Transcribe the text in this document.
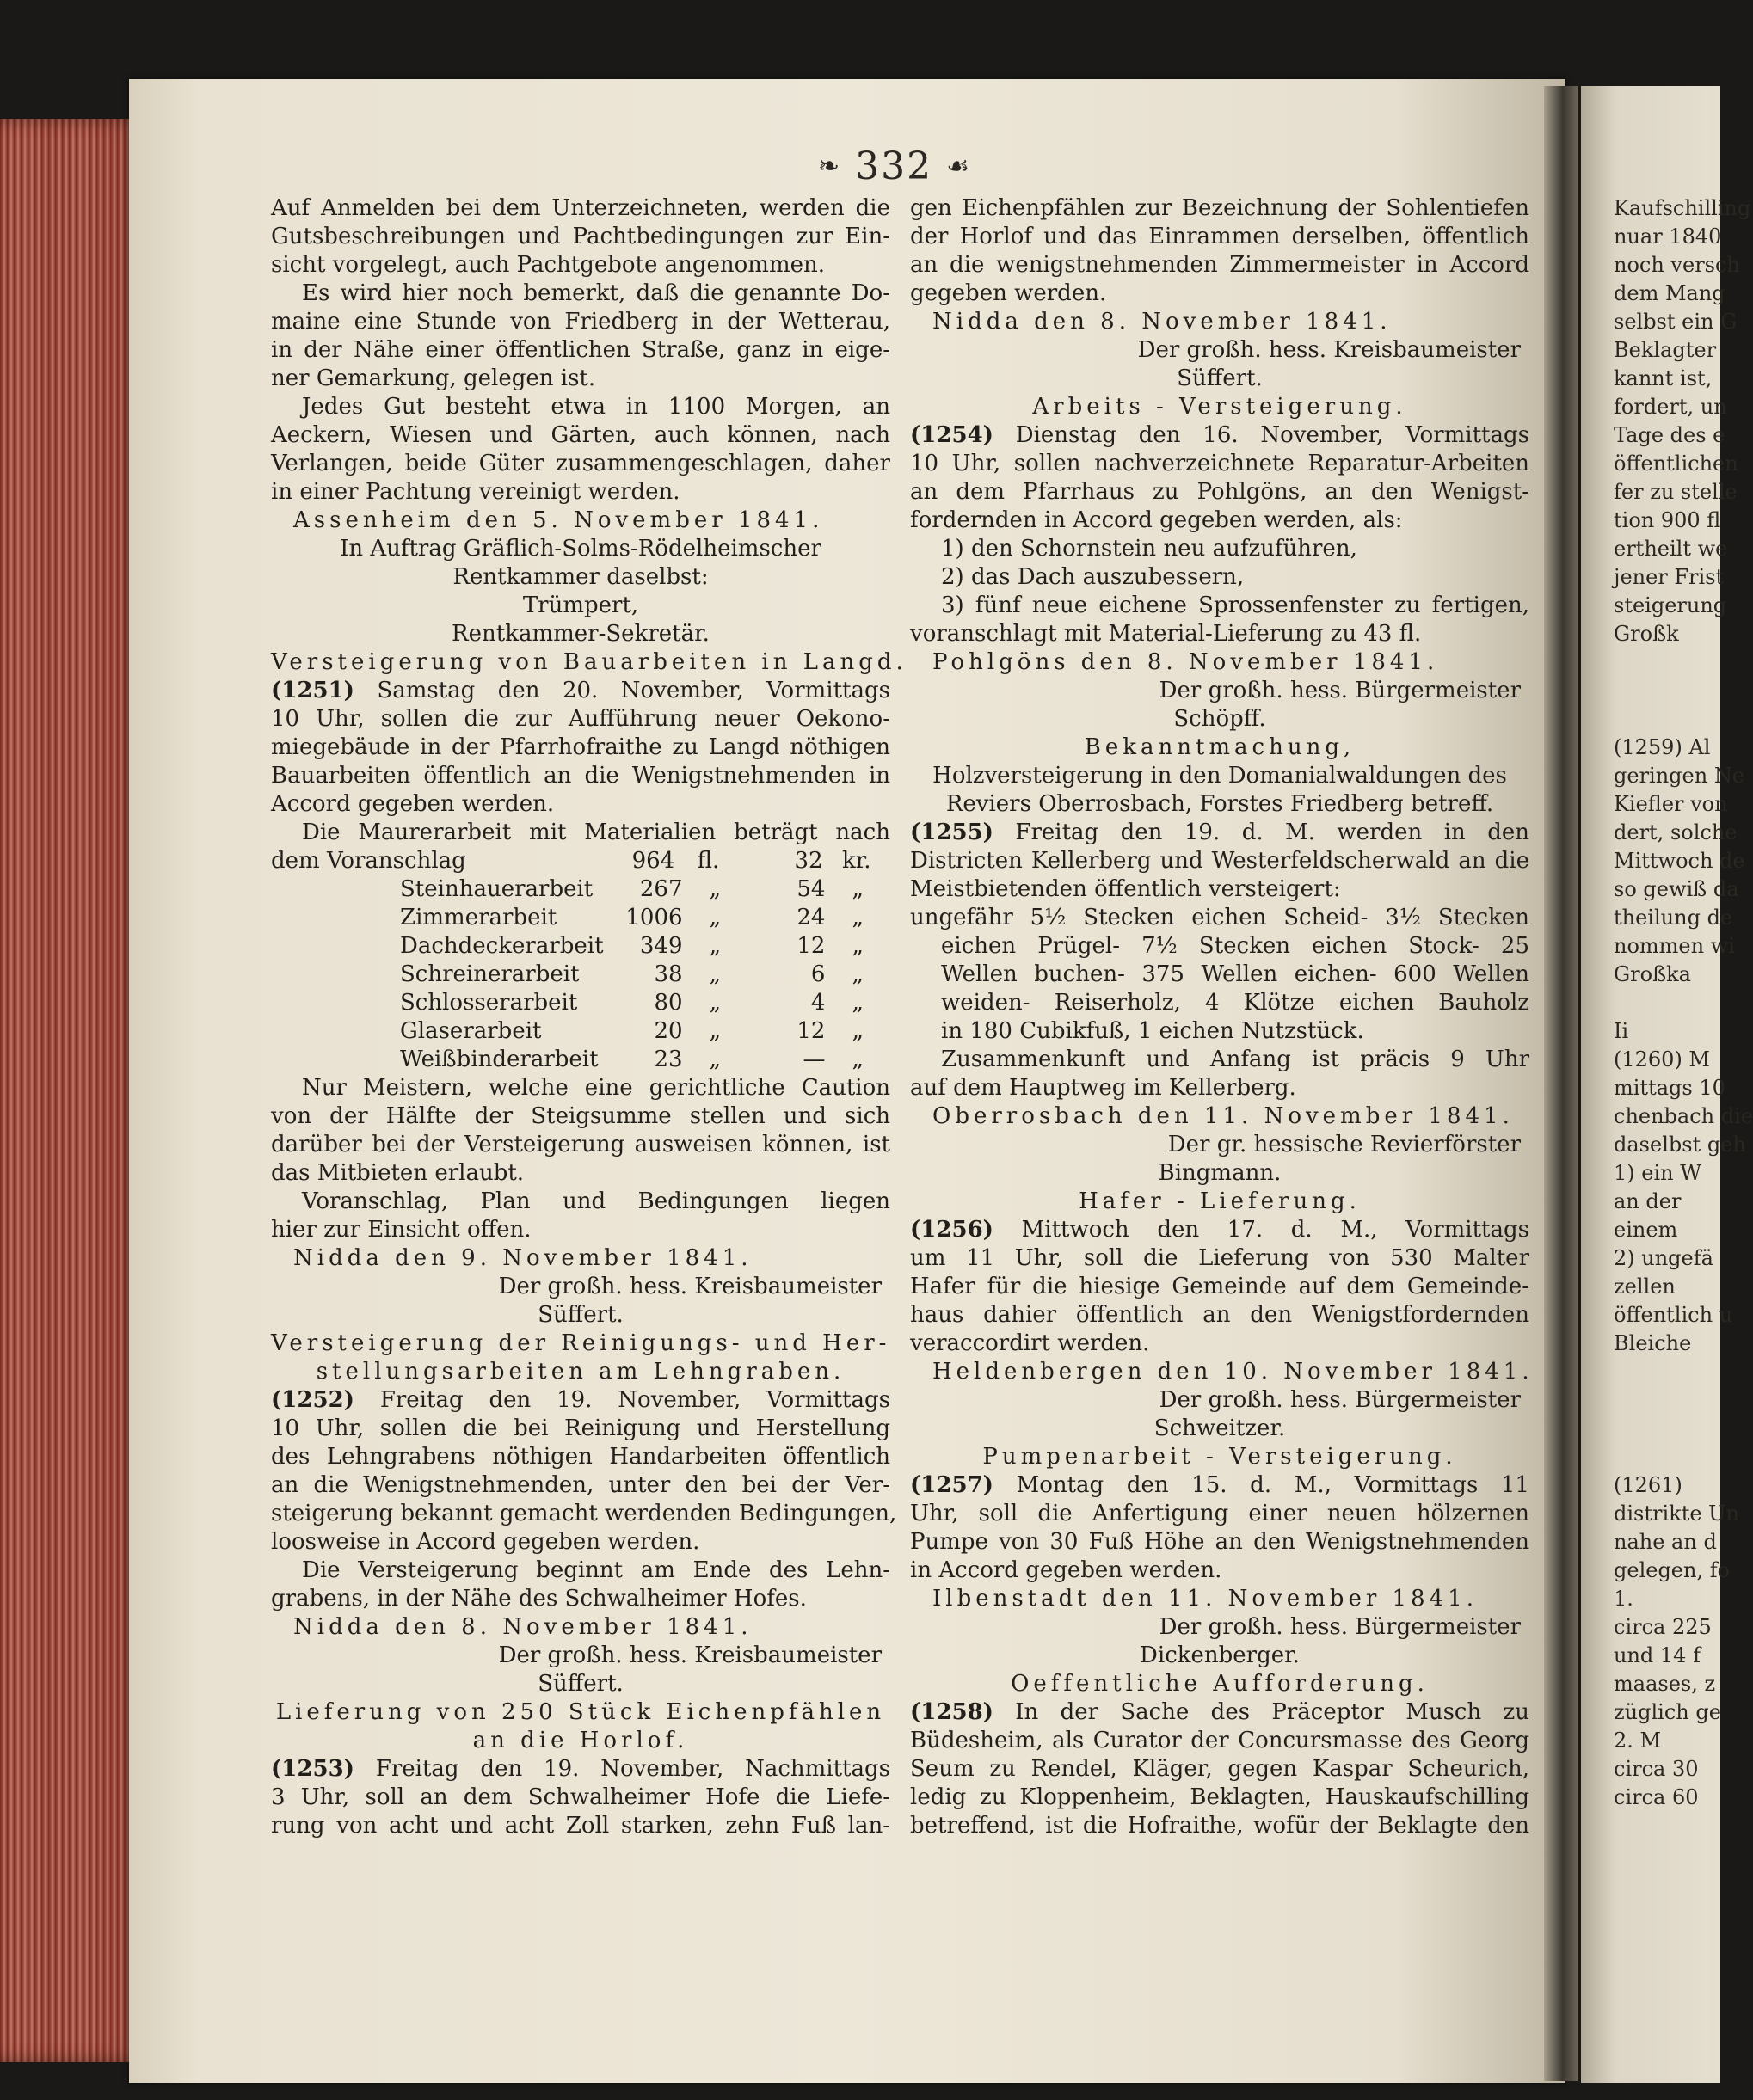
❧ 332 ☙
Auf Anmelden bei dem Unterzeichneten, werden die
Gutsbeschreibungen und Pachtbedingungen zur Ein-
sicht vorgelegt, auch Pachtgebote angenommen.
Es wird hier noch bemerkt, daß die genannte Do-
maine eine Stunde von Friedberg in der Wetterau,
in der Nähe einer öffentlichen Straße, ganz in eige-
ner Gemarkung, gelegen ist.
Jedes Gut besteht etwa in 1100 Morgen, an
Aeckern, Wiesen und Gärten, auch können, nach
Verlangen, beide Güter zusammengeschlagen, daher
in einer Pachtung vereinigt werden.
Assenheim den 5. November 1841.
In Auftrag Gräflich-Solms-Rödelheimscher
Rentkammer daselbst:
Trümpert,
Rentkammer-Sekretär.
Versteigerung von Bauarbeiten in Langd.
(1251) Samstag den 20. November, Vormittags
10 Uhr, sollen die zur Aufführung neuer Oekono-
miegebäude in der Pfarrhofraithe zu Langd nöthigen
Bauarbeiten öffentlich an die Wenigstnehmenden in
Accord gegeben werden.
Die Maurerarbeit mit Materialien beträgt nach
dem Voranschlag	964	fl.	32 kr.
Steinhauerarbeit	267	„	54	„
Zimmerarbeit	1006	„	24	„
Dachdeckerarbeit	349	„	12	„
Schreinerarbeit	38	„	6	„
Schlosserarbeit	80	„	4	„
Glaserarbeit	20	„	12	„
Weißbinderarbeit	23	„	—	„
Nur Meistern, welche eine gerichtliche Caution
von der Hälfte der Steigsumme stellen und sich
darüber bei der Versteigerung ausweisen können, ist
das Mitbieten erlaubt.
Voranschlag, Plan und Bedingungen liegen
hier zur Einsicht offen.
Nidda den 9. November 1841.
Der großh. hess. Kreisbaumeister
Süffert.
Versteigerung der Reinigungs- und Her-
stellungsarbeiten am Lehngraben.
(1252) Freitag den 19. November, Vormittags
10 Uhr, sollen die bei Reinigung und Herstellung
des Lehngrabens nöthigen Handarbeiten öffentlich
an die Wenigstnehmenden, unter den bei der Ver-
steigerung bekannt gemacht werdenden Bedingungen,
loosweise in Accord gegeben werden.
Die Versteigerung beginnt am Ende des Lehn-
grabens, in der Nähe des Schwalheimer Hofes.
Nidda den 8. November 1841.
Der großh. hess. Kreisbaumeister
Süffert.
Lieferung von 250 Stück Eichenpfählen
an die Horlof.
(1253) Freitag den 19. November, Nachmittags
3 Uhr, soll an dem Schwalheimer Hofe die Liefe-
rung von acht und acht Zoll starken, zehn Fuß lan-
gen Eichenpfählen zur Bezeichnung der Sohlentiefen
der Horlof und das Einrammen derselben, öffentlich
an die wenigstnehmenden Zimmermeister in Accord
gegeben werden.
Nidda den 8. November 1841.
Der großh. hess. Kreisbaumeister
Süffert.
Arbeits - Versteigerung.
(1254) Dienstag den 16. November, Vormittags
10 Uhr, sollen nachverzeichnete Reparatur-Arbeiten
an dem Pfarrhaus zu Pohlgöns, an den Wenigst-
fordernden in Accord gegeben werden, als:
1) den Schornstein neu aufzuführen,
2) das Dach auszubessern,
3) fünf neue eichene Sprossenfenster zu fertigen,
voranschlagt mit Material-Lieferung zu 43 fl.
Pohlgöns den 8. November 1841.
Der großh. hess. Bürgermeister
Schöpff.
Bekanntmachung,
Holzversteigerung in den Domanialwaldungen des
Reviers Oberrosbach, Forstes Friedberg betreff.
(1255) Freitag den 19. d. M. werden in den
Districten Kellerberg und Westerfeldscherwald an die
Meistbietenden öffentlich versteigert:
ungefähr 5½ Stecken eichen Scheid- 3½ Stecken
eichen Prügel- 7½ Stecken eichen Stock- 25
Wellen buchen- 375 Wellen eichen- 600 Wellen
weiden- Reiserholz, 4 Klötze eichen Bauholz
in 180 Cubikfuß, 1 eichen Nutzstück.
Zusammenkunft und Anfang ist präcis 9 Uhr
auf dem Hauptweg im Kellerberg.
Oberrosbach den 11. November 1841.
Der gr. hessische Revierförster
Bingmann.
Hafer - Lieferung.
(1256) Mittwoch den 17. d. M., Vormittags
um 11 Uhr, soll die Lieferung von 530 Malter
Hafer für die hiesige Gemeinde auf dem Gemeinde-
haus dahier öffentlich an den Wenigstfordernden
veraccordirt werden.
Heldenbergen den 10. November 1841.
Der großh. hess. Bürgermeister
Schweitzer.
Pumpenarbeit - Versteigerung.
(1257) Montag den 15. d. M., Vormittags 11
Uhr, soll die Anfertigung einer neuen hölzernen
Pumpe von 30 Fuß Höhe an den Wenigstnehmenden
in Accord gegeben werden.
Ilbenstadt den 11. November 1841.
Der großh. hess. Bürgermeister
Dickenberger.
Oeffentliche Aufforderung.
(1258) In der Sache des Präceptor Musch zu
Büdesheim, als Curator der Concursmasse des Georg
Seum zu Rendel, Kläger, gegen Kaspar Scheurich,
ledig zu Kloppenheim, Beklagten, Hauskaufschilling
betreffend, ist die Hofraithe, wofür der Beklagte den
Kaufschilling
nuar 1840
noch versch
dem Mang
selbst ein G
Beklagter
kannt ist,
fordert, un
Tage des e
öffentlichen
fer zu stelle
tion 900 fl
ertheilt we
jener Frist
steigerung
Großk
(1259) Al
geringen Ne
Kiefler von
dert, solche
Mittwoch de
so gewiß da
theilung de
nommen wi
Großka
Ii
(1260) M
mittags 10
chenbach die
daselbst geh
1) ein W
an der
einem
2) ungefä
zellen
öffentlich u
Bleiche
(1261)
distrikte Un
nahe an d
gelegen, fo
1.
circa 225
und 14 f
maases, z
züglich ge
2. M
circa 30
circa 60
